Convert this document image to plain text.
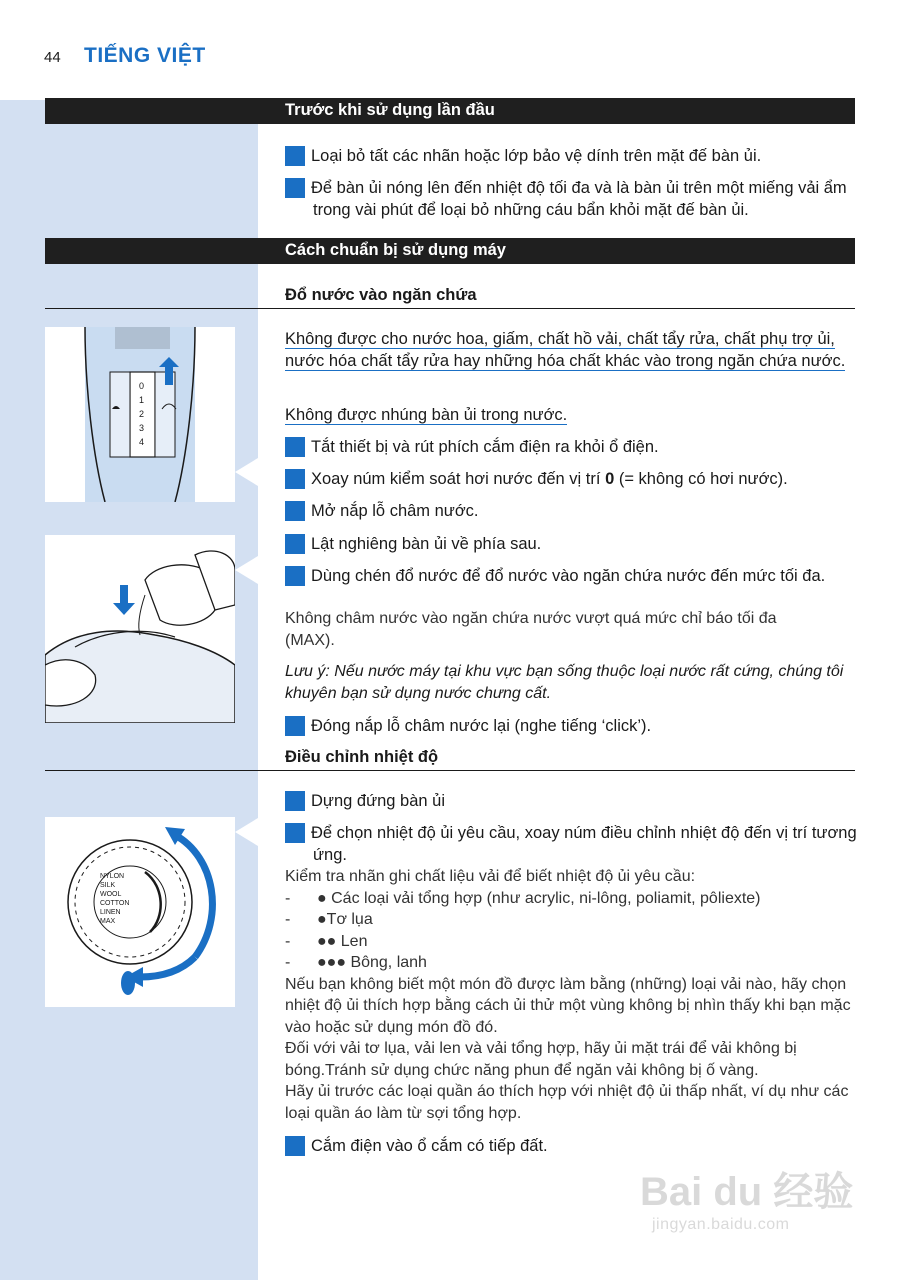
44 TIẾNG VIỆT
Trước khi sử dụng lần đầu
1 Loại bỏ tất các nhãn hoặc lớp bảo vệ dính trên mặt đế bàn ủi.
2 Để bàn ủi nóng lên đến nhiệt độ tối đa và là bàn ủi trên một miếng vải ẩm trong vài phút để loại bỏ những cáu bẩn khỏi mặt đế bàn ủi.
Cách chuẩn bị sử dụng máy
Đổ nước vào ngăn chứa
0
1
2
3
4
Không được cho nước hoa, giấm, chất hồ vải, chất tẩy rửa, chất phụ trợ ủi, nước hóa chất tẩy rửa hay những hóa chất khác vào trong ngăn chứa nước.
Không được nhúng bàn ủi trong nước.
1 Tắt thiết bị và rút phích cắm điện ra khỏi ổ điện.
2 Xoay núm kiểm soát hơi nước đến vị trí 0 (= không có hơi nước).
3 Mở nắp lỗ châm nước.
4 Lật nghiêng bàn ủi về phía sau.
5 Dùng chén đổ nước để đổ nước vào ngăn chứa nước đến mức tối đa.
Không châm nước vào ngăn chứa nước vượt quá mức chỉ báo tối đa (MAX).
Lưu ý: Nếu nước máy tại khu vực bạn sống thuộc loại nước rất cứng, chúng tôi khuyên bạn sử dụng nước chưng cất.
6 Đóng nắp lỗ châm nước lại (nghe tiếng ‘click’).
Điều chỉnh nhiệt độ
NYLON
SILK
WOOL
COTTON
LINEN
MAX
1 Dựng đứng bàn ủi
2 Để chọn nhiệt độ ủi yêu cầu, xoay núm điều chỉnh nhiệt độ đến vị trí tương ứng.
Kiểm tra nhãn ghi chất liệu vải để biết nhiệt độ ủi yêu cầu:
-      ● Các loại vải tổng hợp (như acrylic, ni-lông, poliamit, pôliexte)
-      ●Tơ lụa
-      ●● Len
-      ●●● Bông, lanh
Nếu bạn không biết một món đồ được làm bằng (những) loại vải nào, hãy chọn nhiệt độ ủi thích hợp bằng cách ủi thử một vùng không bị nhìn thấy khi bạn mặc vào hoặc sử dụng món đồ đó.
Đối với vải tơ lụa, vải len và vải tổng hợp, hãy ủi mặt trái để vải không bị bóng.Tránh sử dụng chức năng phun để ngăn vải không bị ố vàng.
Hãy ủi trước các loại quần áo thích hợp với nhiệt độ ủi thấp nhất, ví dụ như các loại quần áo làm từ sợi tổng hợp.
3 Cắm điện vào ổ cắm có tiếp đất.
Bai du 经验
jingyan.baidu.com
